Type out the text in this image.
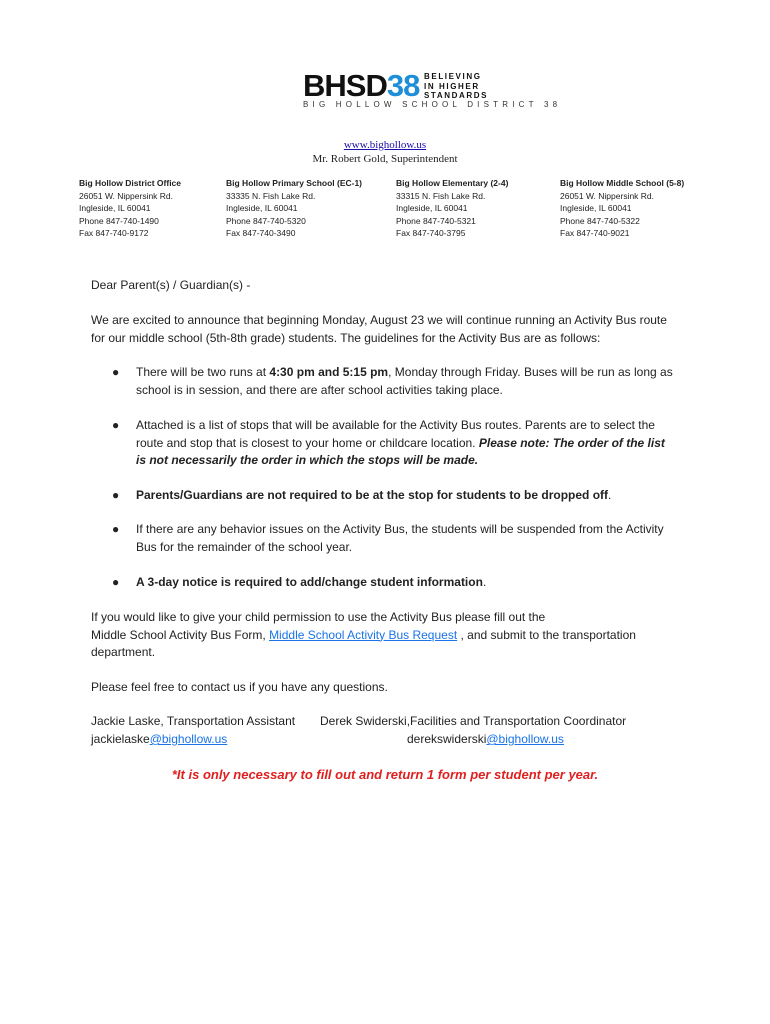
BHSD38 BELIEVING
IN HIGHER
STANDARDS
BIG HOLLOW SCHOOL DISTRICT 38
www.bighollow.us
Mr. Robert Gold, Superintendent
Big Hollow District Office
26051 W. Nippersink Rd.
Ingleside, IL 60041
Phone 847-740-1490
Fax 847-740-9172
Big Hollow Primary School (EC-1)
33335 N. Fish Lake Rd.
Ingleside, IL 60041
Phone 847-740-5320
Fax 847-740-3490
Big Hollow Elementary (2-4)
33315 N. Fish Lake Rd.
Ingleside, IL 60041
Phone 847-740-5321
Fax 847-740-3795
Big Hollow Middle School (5-8)
26051 W. Nippersink Rd.
Ingleside, IL 60041
Phone 847-740-5322
Fax 847-740-9021
Dear Parent(s) / Guardian(s) -
We are excited to announce that beginning Monday, August 23 we will continue running an Activity Bus route for our middle school (5th-8th grade) students. The guidelines for the Activity Bus are as follows:
● There will be two runs at 4:30 pm and 5:15 pm, Monday through Friday. Buses will be run as long as school is in session, and there are after school activities taking place.
● Attached is a list of stops that will be available for the Activity Bus routes. Parents are to select the route and stop that is closest to your home or childcare location. Please note: The order of the list is not necessarily the order in which the stops will be made.
● Parents/Guardians are not required to be at the stop for students to be dropped off.
● If there are any behavior issues on the Activity Bus, the students will be suspended from the Activity Bus for the remainder of the school year.
● A 3-day notice is required to add/change student information.
If you would like to give your child permission to use the Activity Bus please fill out the
Middle School Activity Bus Form, Middle School Activity Bus Request , and submit to the transportation department.
Please feel free to contact us if you have any questions.
Jackie Laske, Transportation Assistant
jackielaske@bighollow.us
Derek Swiderski,Facilities and Transportation Coordinator
derekswiderski@bighollow.us
*It is only necessary to fill out and return 1 form per student per year.
